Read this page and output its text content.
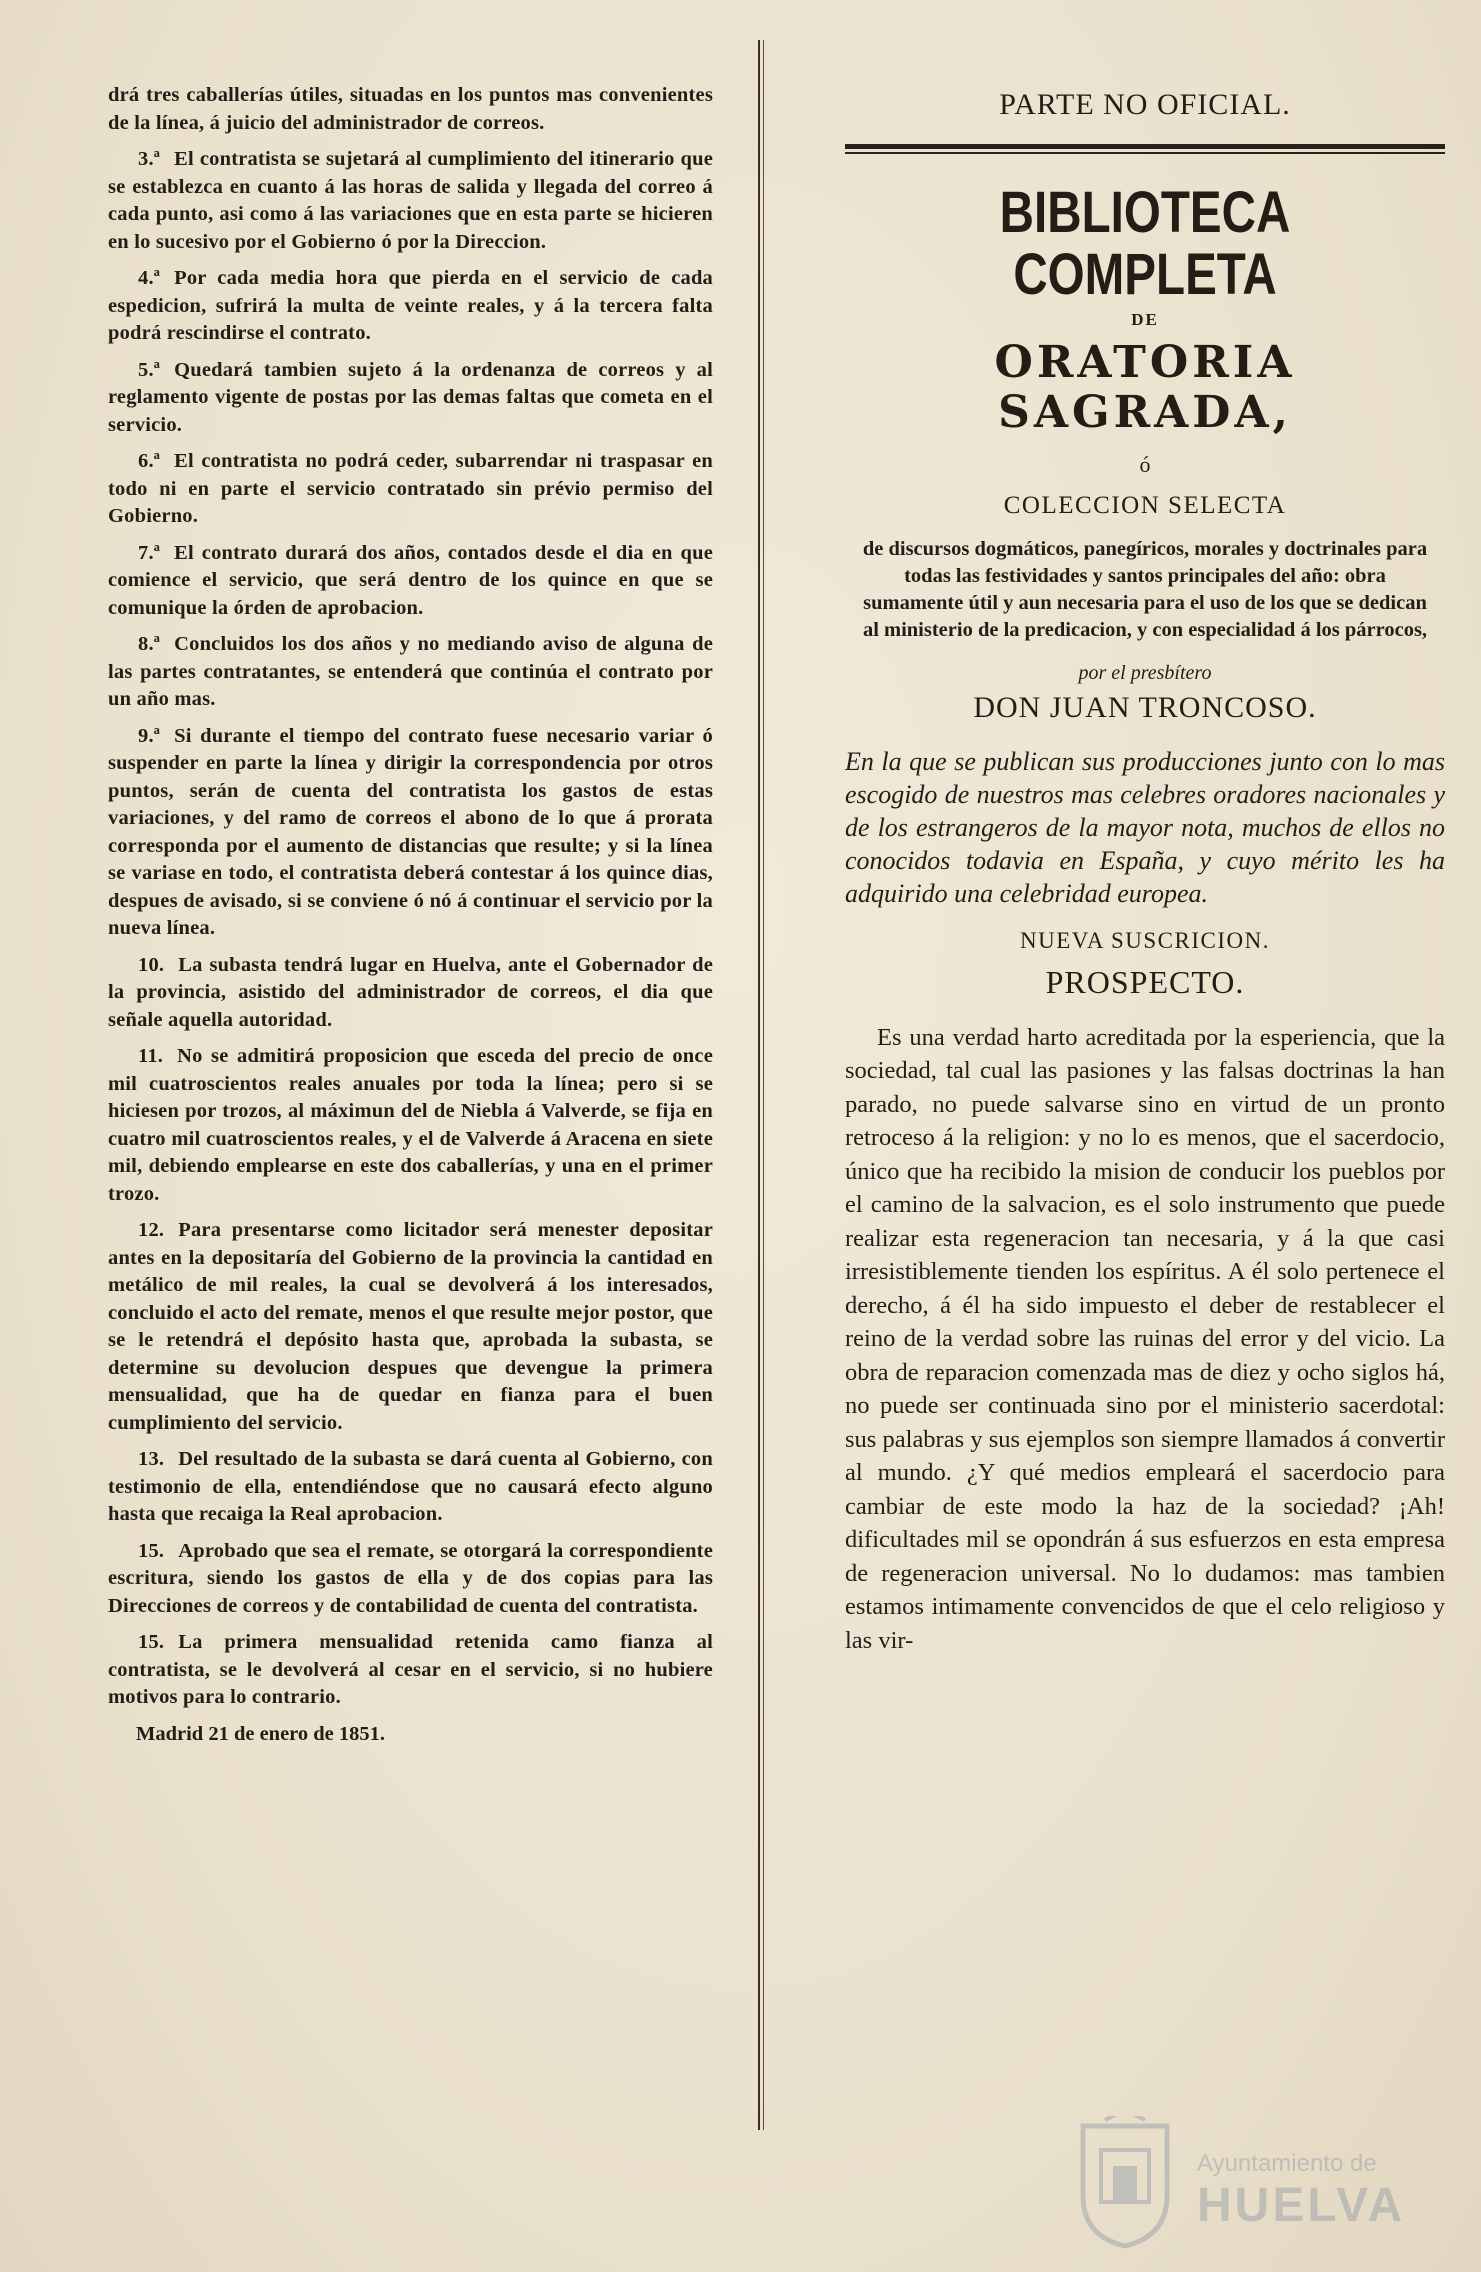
drá tres caballerías útiles, situadas en los puntos mas convenientes de la línea, á juicio del administrador de correos.

3.ª El contratista se sujetará al cumplimiento del itinerario que se establezca en cuanto á las horas de salida y llegada del correo á cada punto, asi como á las variaciones que en esta parte se hicieren en lo sucesivo por el Gobierno ó por la Direccion.

4.ª Por cada media hora que pierda en el servicio de cada espedicion, sufrirá la multa de veinte reales, y á la tercera falta podrá rescindirse el contrato.

5.ª Quedará tambien sujeto á la ordenanza de correos y al reglamento vigente de postas por las demas faltas que cometa en el servicio.

6.ª El contratista no podrá ceder, subarrendar ni traspasar en todo ni en parte el servicio contratado sin prévio permiso del Gobierno.

7.ª El contrato durará dos años, contados desde el dia en que comience el servicio, que será dentro de los quince en que se comunique la órden de aprobacion.

8.ª Concluidos los dos años y no mediando aviso de alguna de las partes contratantes, se entenderá que continúa el contrato por un año mas.

9.ª Si durante el tiempo del contrato fuese necesario variar ó suspender en parte la línea y dirigir la correspondencia por otros puntos, serán de cuenta del contratista los gastos de estas variaciones, y del ramo de correos el abono de lo que á prorata corresponda por el aumento de distancias que resulte; y si la línea se variase en todo, el contratista deberá contestar á los quince dias, despues de avisado, si se conviene ó nó á continuar el servicio por la nueva línea.

10. La subasta tendrá lugar en Huelva, ante el Gobernador de la provincia, asistido del administrador de correos, el dia que señale aquella autoridad.

11. No se admitirá proposicion que esceda del precio de once mil cuatroscientos reales anuales por toda la línea; pero si se hiciesen por trozos, al máximun del de Niebla á Valverde, se fija en cuatro mil cuatroscientos reales, y el de Valverde á Aracena en siete mil, debiendo emplearse en este dos caballerías, y una en el primer trozo.

12. Para presentarse como licitador será menester depositar antes en la depositaría del Gobierno de la provincia la cantidad en metálico de mil reales, la cual se devolverá á los interesados, concluido el acto del remate, menos el que resulte mejor postor, que se le retendrá el depósito hasta que, aprobada la subasta, se determine su devolucion despues que devengue la primera mensualidad, que ha de quedar en fianza para el buen cumplimiento del servicio.

13. Del resultado de la subasta se dará cuenta al Gobierno, con testimonio de ella, entendiéndose que no causará efecto alguno hasta que recaiga la Real aprobacion.

15. Aprobado que sea el remate, se otorgará la correspondiente escritura, siendo los gastos de ella y de dos copias para las Direcciones de correos y de contabilidad de cuenta del contratista.

15. La primera mensualidad retenida camo fianza al contratista, se le devolverá al cesar en el servicio, si no hubiere motivos para lo contrario.

Madrid 21 de enero de 1851.

PARTE NO OFICIAL.

BIBLIOTECA COMPLETA

DE

ORATORIA SAGRADA,

ó

COLECCION SELECTA

de discursos dogmáticos, panegíricos, morales y doctrinales para todas las festividades y santos principales del año: obra sumamente útil y aun necesaria para el uso de los que se dedican al ministerio de la predicacion, y con especialidad á los párrocos,

por el presbítero

DON JUAN TRONCOSO.

En la que se publican sus producciones junto con lo mas escogido de nuestros mas celebres oradores nacionales y de los estrangeros de la mayor nota, muchos de ellos no conocidos todavia en España, y cuyo mérito les ha adquirido una celebridad europea.

NUEVA SUSCRICION.

PROSPECTO.

Es una verdad harto acreditada por la esperiencia, que la sociedad, tal cual las pasiones y las falsas doctrinas la han parado, no puede salvarse sino en virtud de un pronto retroceso á la religion: y no lo es menos, que el sacerdocio, único que ha recibido la mision de conducir los pueblos por el camino de la salvacion, es el solo instrumento que puede realizar esta regeneracion tan necesaria, y á la que casi irresistiblemente tienden los espíritus. A él solo pertenece el derecho, á él ha sido impuesto el deber de restablecer el reino de la verdad sobre las ruinas del error y del vicio. La obra de reparacion comenzada mas de diez y ocho siglos há, no puede ser continuada sino por el ministerio sacerdotal: sus palabras y sus ejemplos son siempre llamados á convertir al mundo. ¿Y qué medios empleará el sacerdocio para cambiar de este modo la haz de la sociedad? ¡Ah! dificultades mil se opondrán á sus esfuerzos en esta empresa de regeneracion universal. No lo dudamos: mas tambien estamos intimamente convencidos de que el celo religioso y las vir-

Ayuntamiento de
HUELVA
